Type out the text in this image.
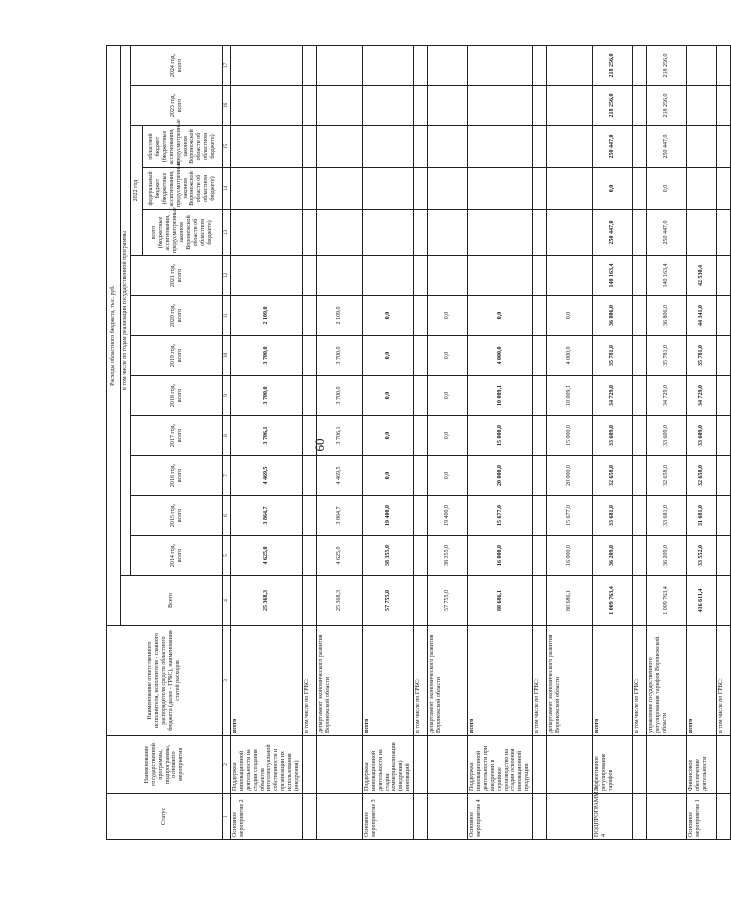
60
Статус	Наименование государственной программы, подпрограммы, основного мероприятия	Наименование ответственного исполнителя, исполнителя - главного распорядителя средств областного бюджета (далее - ГРБС), наименования статей расходов	Расходы областного бюджета, тыс. руб.														
			Всего	в том числе по годам реализации государственной программы													
				2014 год, всего	2015 год, всего	2016 год, всего	2017 год, всего	2018 год, всего	2019 год, всего	2020 год, всего	2021 год, всего	2022 год			2023 год, всего	2024 год, всего	
												всего (бюджетные ассигнования, предусмотренные законом Воронежской области об областном бюджете)	федеральный бюджет (бюджетные ассигнования, предусмотренные законом Воронежской области об областном бюджете)	областной бюджет (бюджетные ассигнования, предусмотренные законом Воронежской области об областном бюджете)			
1	2	3	4	5	6	7	8	9	10	11	12	13	14	15	16	17	
Основное мероприятие 2	Поддержка инновационной деятельности на стадии создания объектов интеллектуальной собственности и организации их использования (внедрения)	всего	25 368,3	4 625,0	3 864,7	4 469,5	3 706,1	3 700,0	3 700,0	2 109,0							
		в том числе по ГРБС:															
		департамент экономического развития Воронежской области	25 368,3	4 625,0	3 864,7	4 469,5	3 706,1	3 700,0	3 700,0	2 109,0							
Основное мероприятие 3	Поддержка инновационной деятельности на стадии коммерциализации (внедрения) инноваций	всего	57 755,0	38 355,0	19 400,0	0,0	0,0	0,0	0,0	0,0							
		в том числе по ГРБС:															
		департамент экономического развития Воронежской области	57 755,0	38 355,0	19 400,0	0,0	0,0	0,0	0,0	0,0							
Основное мероприятие 4	Поддержка инновационной деятельности при внедрении в серийное производство на стадии освоения инновационной продукции	всего	80 686,1	16 000,0	15 677,0	20 000,0	15 000,0	10 009,1	4 000,0	0,0							
		в том числе по ГРБС:															
		департамент экономического развития Воронежской области	80 686,1	16 000,0	15 677,0	20 000,0	15 000,0	10 009,1	4 000,0	0,0							
ПОДПРОГРАММА 4	Эффективное регулирование тарифов	всего	1 009 763,4	36 209,0	33 681,0	32 658,0	33 609,0	34 729,0	35 781,0	36 806,0	140 163,4	250 447,0	0,0	250 447,0	218 256,0	218 256,0	
		в том числе по ГРБС:															
		управление государственного регулирования тарифов Воронежской области	1 009 763,4	36 209,0	33 681,0	32 658,0	33 609,0	34 729,0	35 781,0	36 806,0	140 163,4	250 447,0	0,0	250 447,0	218 256,0	218 256,0	
Основное мероприятие 1	Финансовое обеспечение деятельности	всего	416 611,4	33 552,0	31 681,0	32 658,0	33 609,0	34 729,0	35 781,0	44 341,0	42 530,4						
		в том числе по ГРБС:															
